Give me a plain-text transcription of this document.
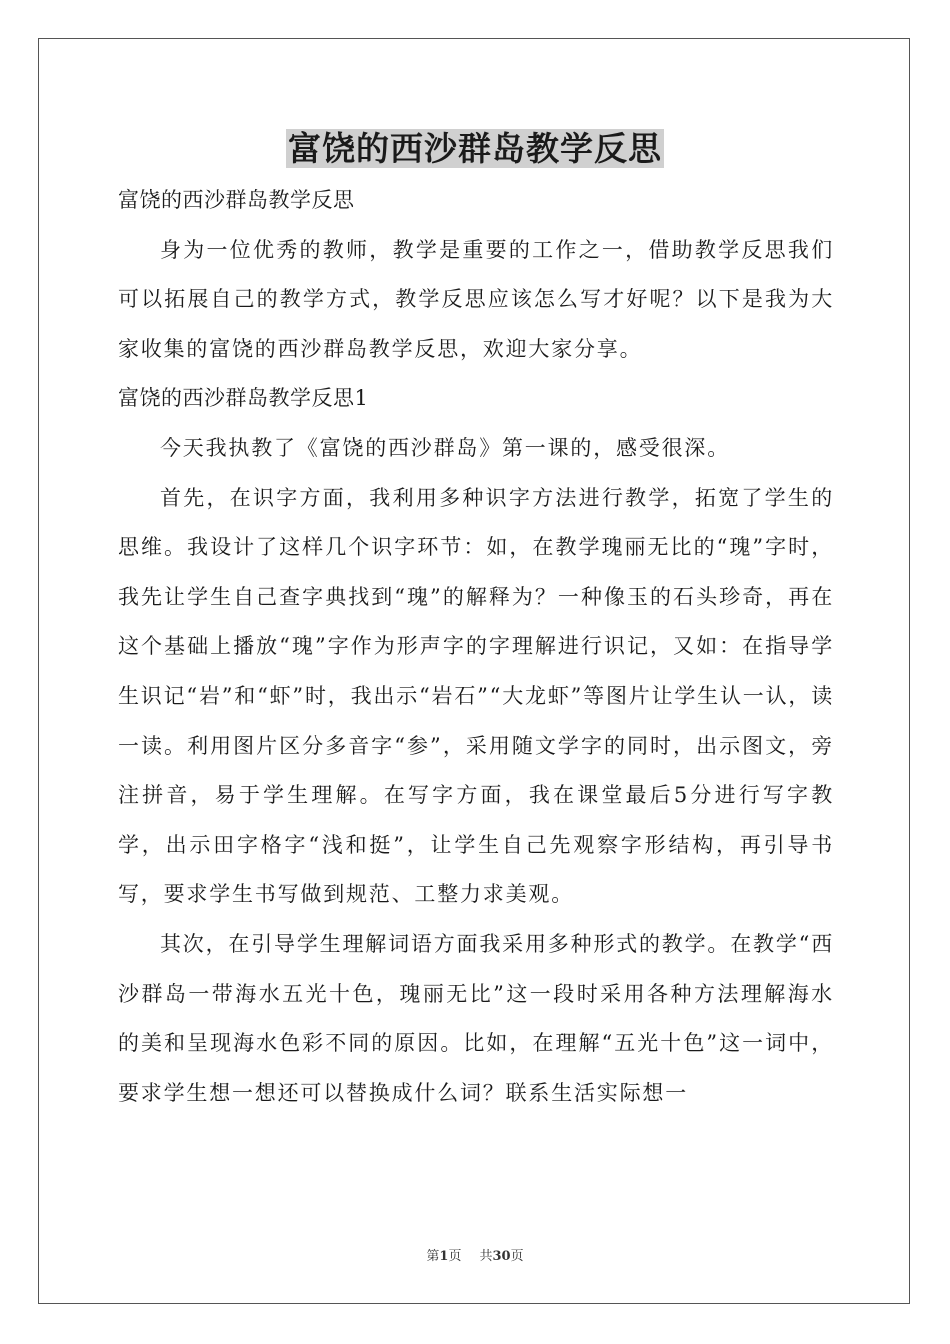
富饶的西沙群岛教学反思

富饶的西沙群岛教学反思

身为一位优秀的教师，教学是重要的工作之一，借助教学反思我们可以拓展自己的教学方式，教学反思应该怎么写才好呢？以下是我为大家收集的富饶的西沙群岛教学反思，欢迎大家分享。

富饶的西沙群岛教学反思1

今天我执教了《富饶的西沙群岛》第一课的，感受很深。

首先，在识字方面，我利用多种识字方法进行教学，拓宽了学生的思维。我设计了这样几个识字环节：如，在教学瑰丽无比的“瑰”字时，我先让学生自己查字典找到“瑰”的解释为？一种像玉的石头珍奇，再在这个基础上播放“瑰”字作为形声字的字理解进行识记，又如：在指导学生识记“岩”和“虾”时，我出示“岩石”“大龙虾”等图片让学生认一认，读一读。利用图片区分多音字“参”，采用随文学字的同时，出示图文，旁注拼音，易于学生理解。在写字方面，我在课堂最后5分进行写字教学，出示田字格字“浅和挺”，让学生自己先观察字形结构，再引导书写，要求学生书写做到规范、工整力求美观。

其次，在引导学生理解词语方面我采用多种形式的教学。在教学“西沙群岛一带海水五光十色，瑰丽无比”这一段时采用各种方法理解海水的美和呈现海水色彩不同的原因。比如，在理解“五光十色”这一词中，要求学生想一想还可以替换成什么词？联系生活实际想一

第1页 共30页
